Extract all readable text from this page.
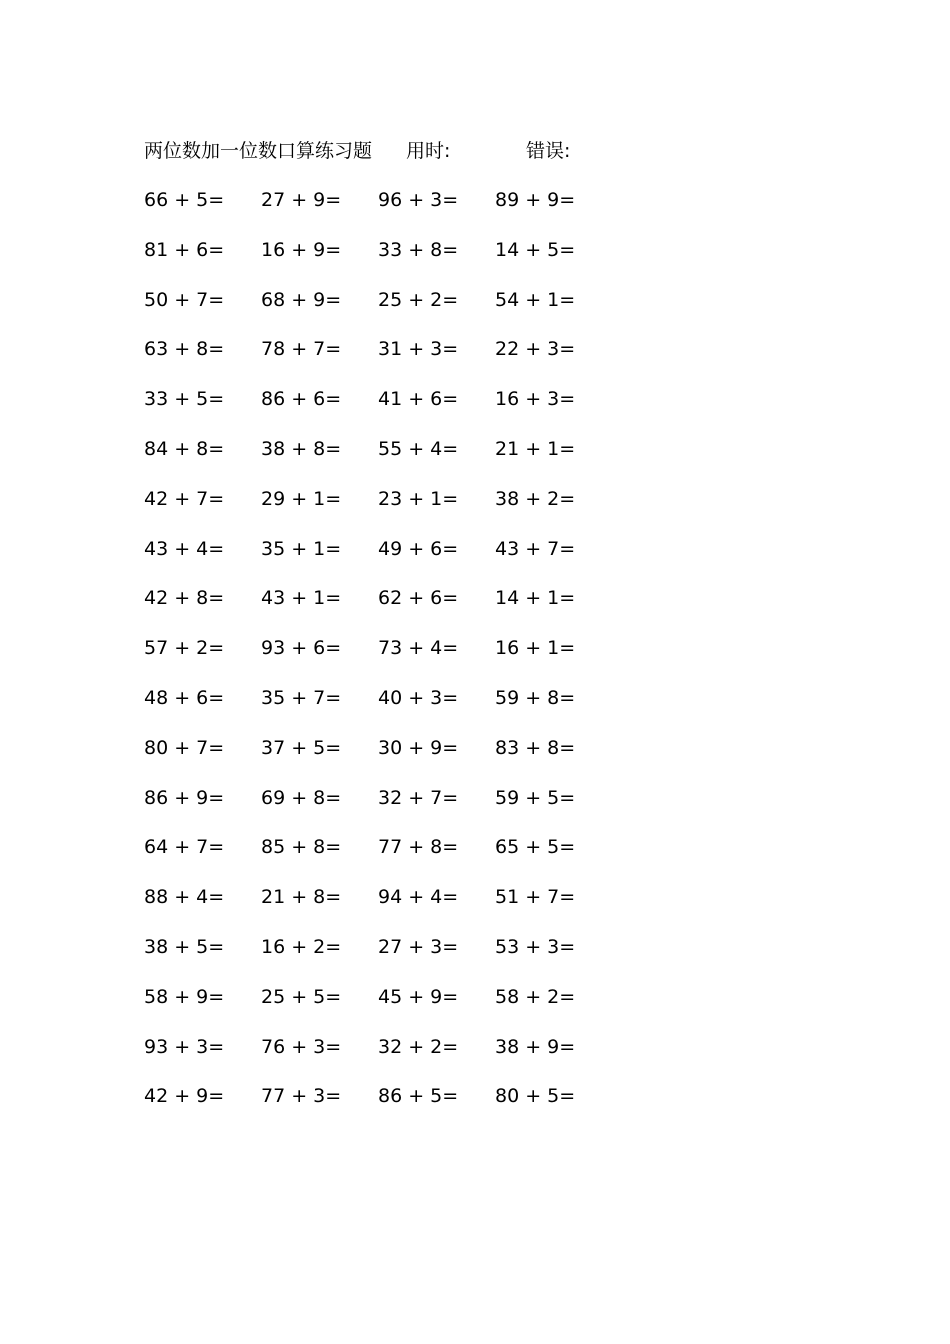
两位数加一位数口算练习题 用时:	错误:
66 + 5=	27 + 9=	96 + 3=	89 + 9=
81 + 6=	16 + 9=	33 + 8=	14 + 5=
50 + 7=	68 + 9=	25 + 2=	54 + 1=
63 + 8=	78 + 7=	31 + 3=	22 + 3=
33 + 5=	86 + 6=	41 + 6=	16 + 3=
84 + 8=	38 + 8=	55 + 4=	21 + 1=
42 + 7=	29 + 1=	23 + 1=	38 + 2=
43 + 4=	35 + 1=	49 + 6=	43 + 7=
42 + 8=	43 + 1=	62 + 6=	14 + 1=
57 + 2=	93 + 6=	73 + 4=	16 + 1=
48 + 6=	35 + 7=	40 + 3=	59 + 8=
80 + 7=	37 + 5=	30 + 9=	83 + 8=
86 + 9=	69 + 8=	32 + 7=	59 + 5=
64 + 7=	85 + 8=	77 + 8=	65 + 5=
88 + 4=	21 + 8=	94 + 4=	51 + 7=
38 + 5=	16 + 2=	27 + 3=	53 + 3=
58 + 9=	25 + 5=	45 + 9=	58 + 2=
93 + 3=	76 + 3=	32 + 2=	38 + 9=
42 + 9=	77 + 3=	86 + 5=	80 + 5=
